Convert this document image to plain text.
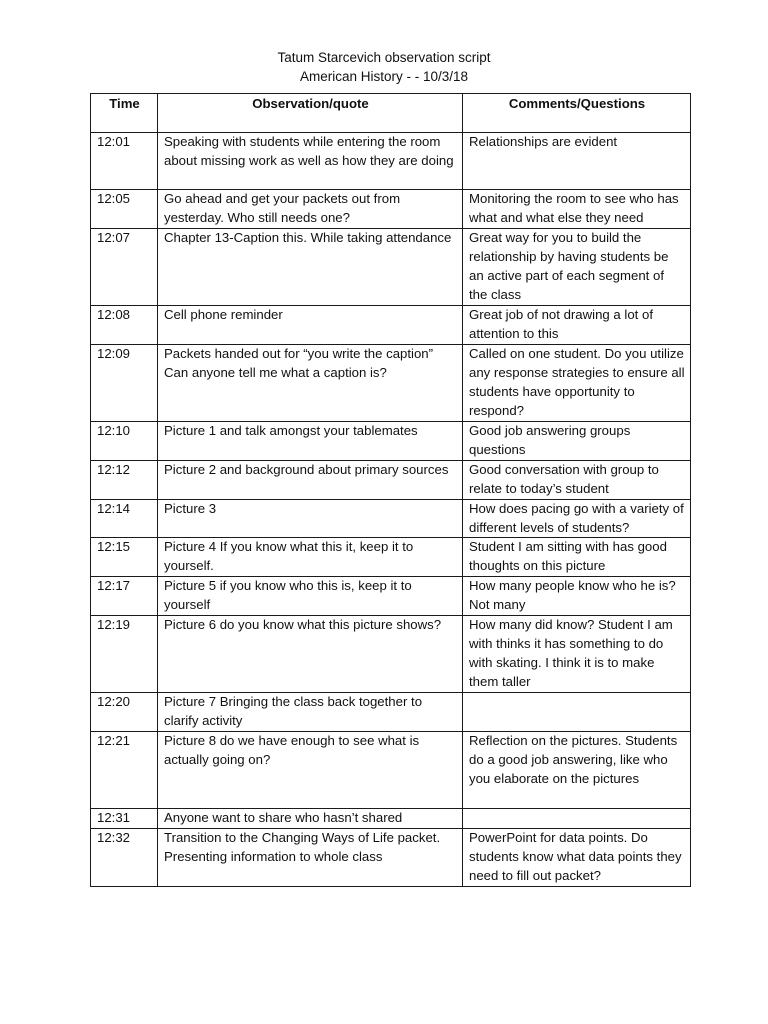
Tatum Starcevich observation script
American History - - 10/3/18
Time	Observation/quote	Comments/Questions
12:01	Speaking with students while entering the room about missing work as well as how they are doing	Relationships are evident
12:05	Go ahead and get your packets out from yesterday. Who still needs one?	Monitoring the room to see who has what and what else they need
12:07	Chapter 13-Caption this. While taking attendance	Great way for you to build the relationship by having students be an active part of each segment of the class
12:08	Cell phone reminder	Great job of not drawing a lot of attention to this
12:09	Packets handed out for “you write the caption” Can anyone tell me what a caption is?	Called on one student. Do you utilize any response strategies to ensure all students have opportunity to respond?
12:10	Picture 1 and talk amongst your tablemates	Good job answering groups questions
12:12	Picture 2 and background about primary sources	Good conversation with group to relate to today’s student
12:14	Picture 3	How does pacing go with a variety of different levels of students?
12:15	Picture 4 If you know what this it, keep it to yourself.	Student I am sitting with has good thoughts on this picture
12:17	Picture 5 if you know who this is, keep it to yourself	How many people know who he is? Not many
12:19	Picture 6 do you know what this picture shows?	How many did know? Student I am with thinks it has something to do with skating. I think it is to make them taller
12:20	Picture 7 Bringing the class back together to clarify activity	
12:21	Picture 8 do we have enough to see what is actually going on?	Reflection on the pictures. Students do a good job answering, like who you elaborate on the pictures
12:31	Anyone want to share who hasn’t shared	
12:32	Transition to the Changing Ways of Life packet. Presenting information to whole class	PowerPoint for data points. Do students know what data points they need to fill out packet?
